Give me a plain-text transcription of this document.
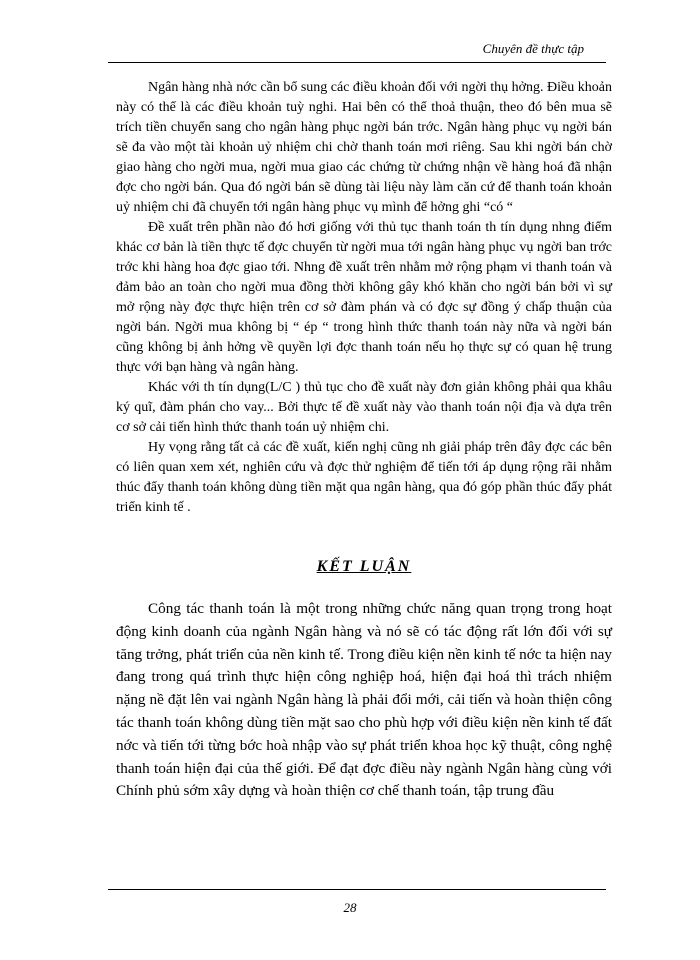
Chuyên đề thực tập

Ngân hàng nhà nớc cần bổ sung các điều khoản đối với ngời thụ hởng. Điều khoản này có thể là các điều khoản tuỳ nghi. Hai bên có thể thoả thuận, theo đó bên mua sẽ trích tiền chuyển sang cho ngân hàng phục ngời bán trớc. Ngân hàng phục vụ ngời bán sẽ đa vào một tài khoản uỷ nhiệm chi chờ thanh toán mơi riêng. Sau khi ngời bán chờ giao hàng cho ngời mua, ngời mua giao các chứng từ chứng nhận về hàng hoá đã nhận đợc cho ngời bán. Qua đó ngời bán sẽ dùng tài liệu này làm căn cứ để thanh toán khoản uỷ nhiệm chi đã chuyển tới ngân hàng phục vụ mình để hởng ghi “có “

Đề xuất trên phần nào đó hơi giống với thủ tục thanh toán th tín dụng nhng điểm khác cơ bản là tiền thực tế đợc chuyển từ ngời mua tới ngân hàng phục vụ ngời ban trớc trớc khi hàng hoa đợc giao tới. Nhng đề xuất trên nhằm mở rộng phạm vi thanh toán và đảm bảo an toàn cho ngời mua đồng thời không gây khó khăn cho ngời bán bởi vì sự mở rộng này đợc thực hiện trên cơ sở đàm phán và có đợc sự đồng ý chấp thuận của ngời bán. Ngời mua không bị “ ép “ trong hình thức thanh toán này nữa và ngời bán cũng không bị ảnh hởng về quyền lợi đợc thanh toán nếu họ thực sự có quan hệ trung thực với bạn hàng và ngân hàng.

Khác với th tín dụng(L/C ) thủ tục cho đề xuất này đơn giản không phải qua khâu ký quĩ, đàm phán cho vay... Bởi thực tế đề xuất này vào thanh toán nội địa và dựa trên cơ sở cải tiến hình thức thanh toán uỷ nhiệm chi.

Hy vọng rằng tất cả các đề xuất, kiến nghị cũng nh giải pháp trên đây đợc các bên có liên quan xem xét, nghiên cứu và đợc thử nghiệm để tiến tới áp dụng rộng rãi nhằm thúc đẩy thanh toán không dùng tiền mặt qua ngân hàng, qua đó góp phần thúc đẩy phát triển kinh tế .

KẾT LUẬN

Công tác thanh toán là một trong những chức năng quan trọng trong hoạt động kinh doanh của ngành Ngân hàng và nó sẽ có tác động rất lớn đối với sự tăng trởng, phát triển của nền kinh tế. Trong điều kiện nền kinh tế nớc ta hiện nay đang trong quá trình thực hiện công nghiệp hoá, hiện đại hoá thì trách nhiệm nặng nề đặt lên vai ngành Ngân hàng là phải đổi mới, cải tiến và hoàn thiện công tác thanh toán không dùng tiền mặt sao cho phù hợp với điều kiện nền kinh tế đất nớc và tiến tới từng bớc hoà nhập vào sự phát triển khoa học kỹ thuật, công nghệ thanh toán hiện đại của thế giới. Để đạt đợc điều này ngành Ngân hàng cùng với Chính phủ sớm xây dựng và hoàn thiện cơ chế thanh toán, tập trung đầu

28
